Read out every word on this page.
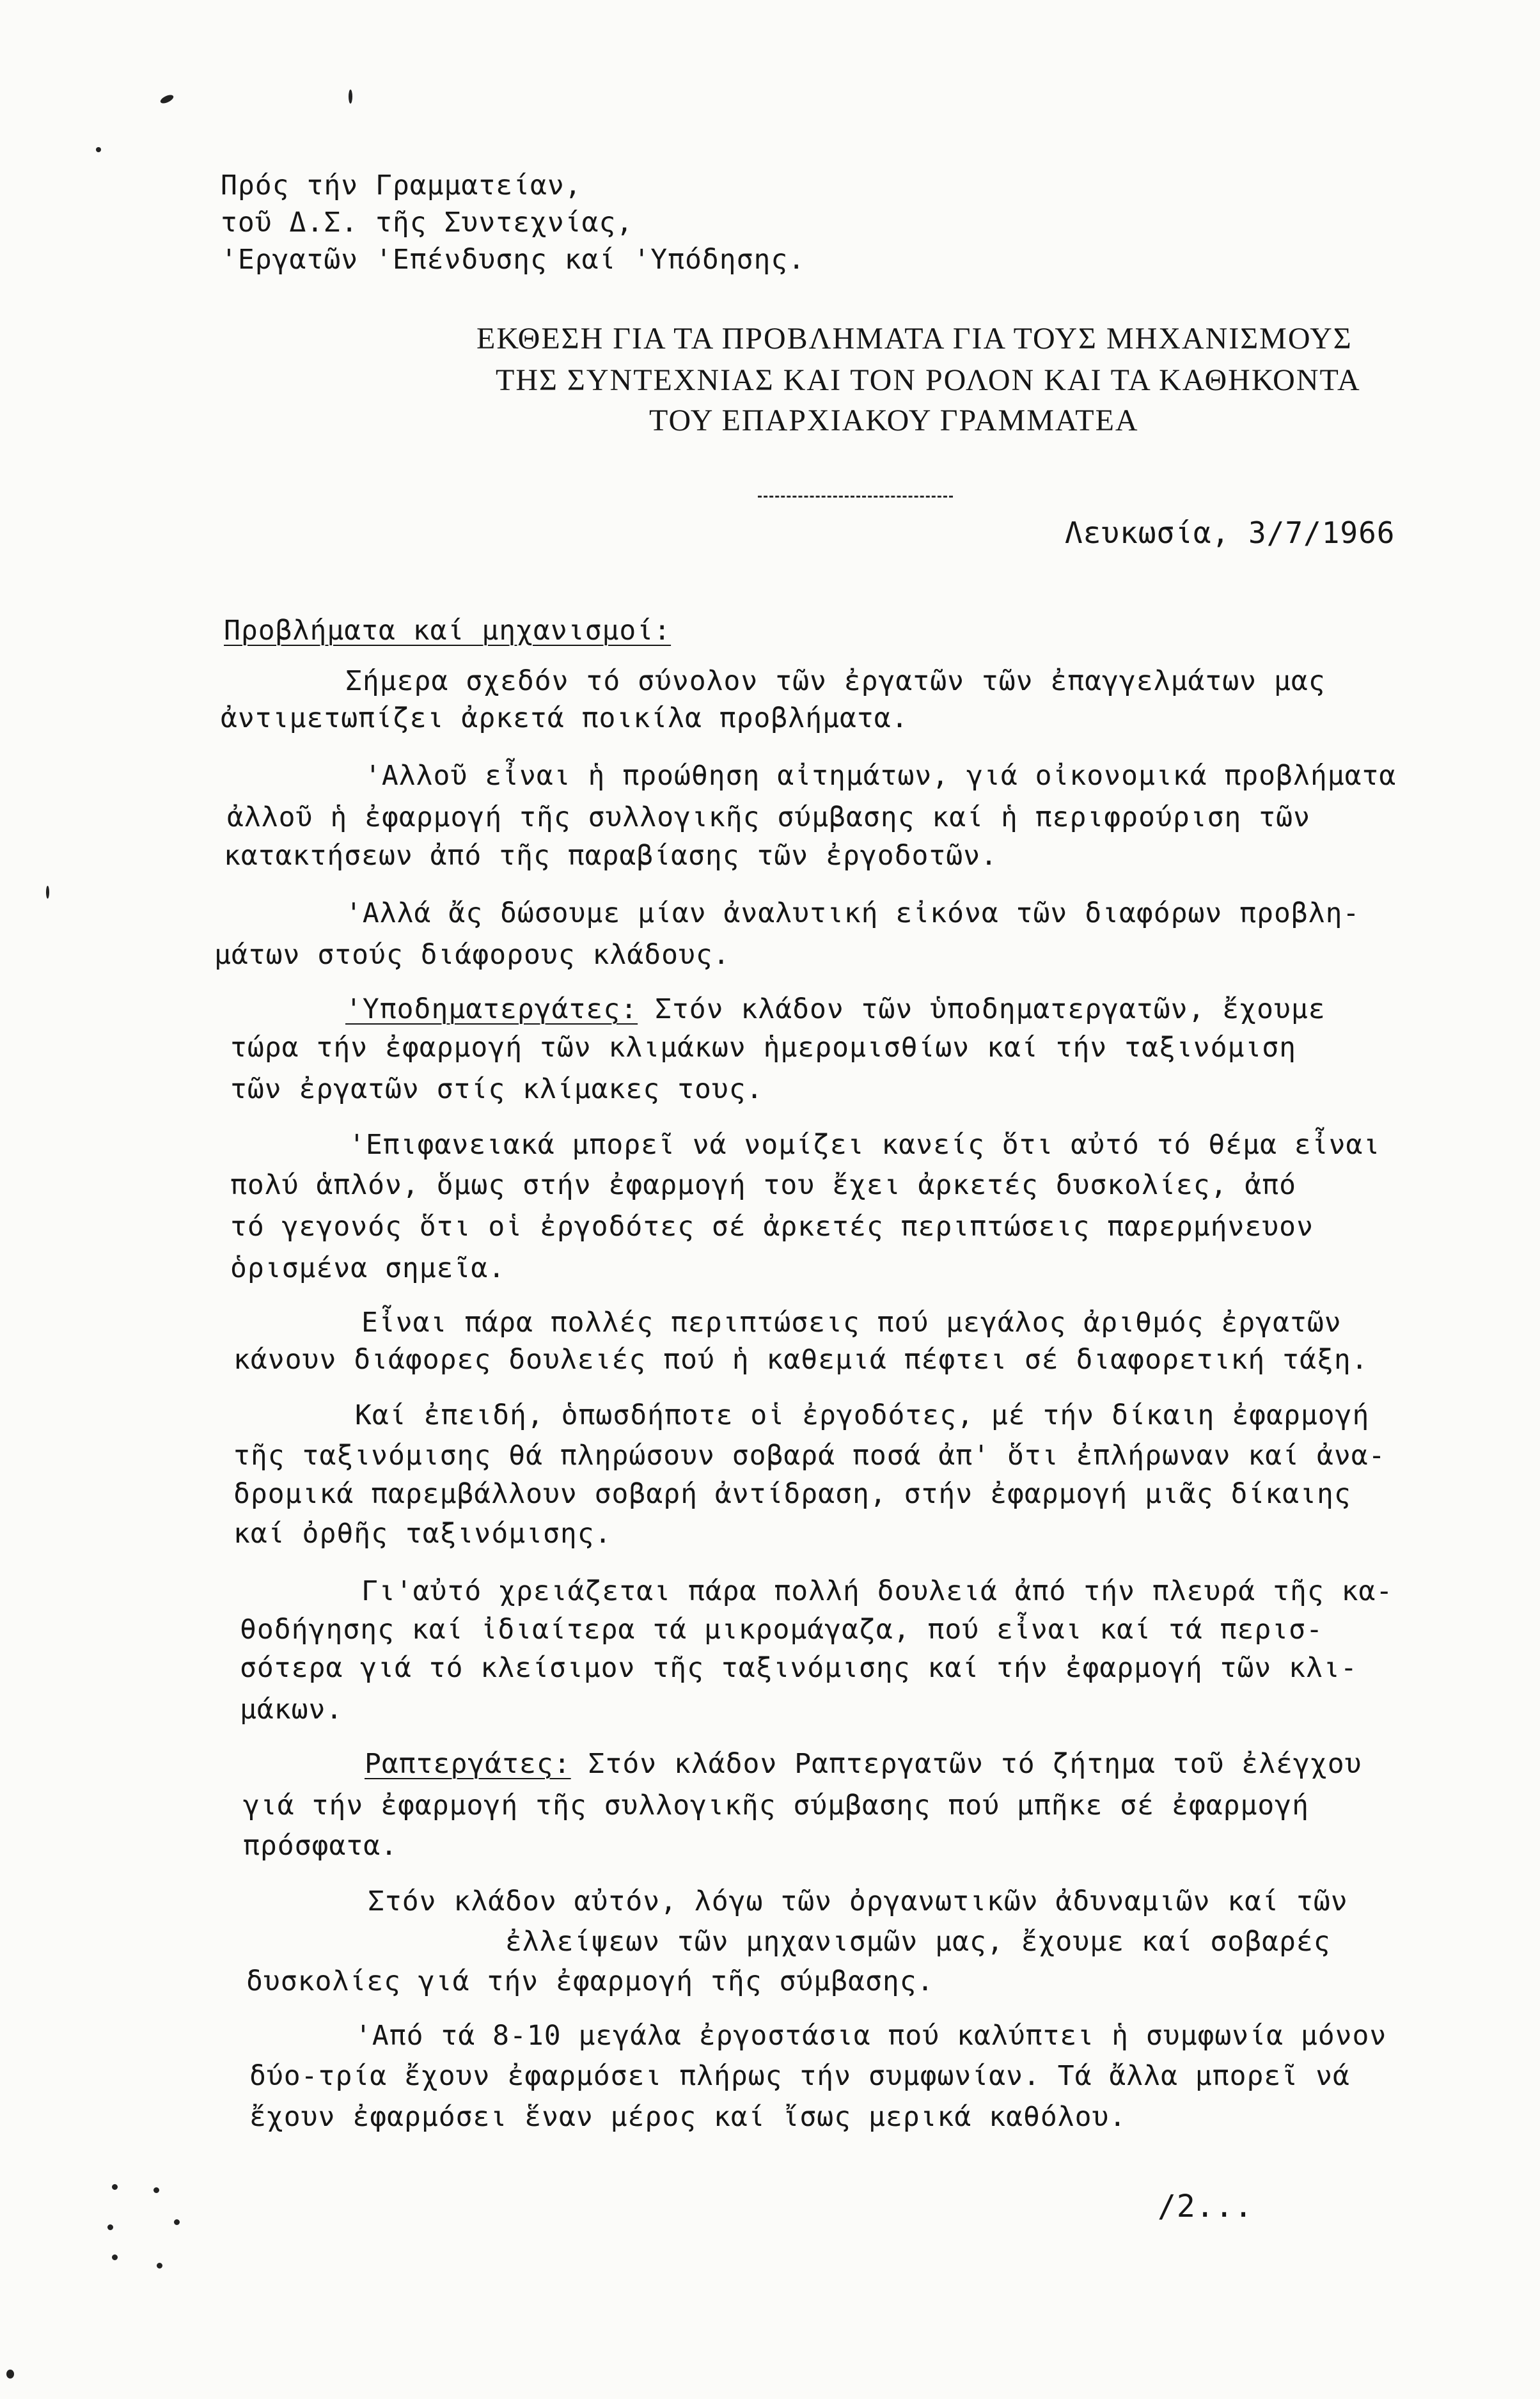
Πρός τήν Γραμματείαν,
τοῦ Δ.Σ. τῆς Συντεχνίας,
'Εργατῶν 'Επένδυσης καί 'Υπόδησης.
ΕΚΘΕΣΗ ΓΙΑ ΤΑ ΠΡΟΒΛΗΜΑΤΑ ΓΙΑ ΤΟΥΣ ΜΗΧΑΝΙΣΜΟΥΣ
ΤΗΣ ΣΥΝΤΕΧΝΙΑΣ ΚΑΙ ΤΟΝ ΡΟΛΟΝ ΚΑΙ ΤΑ ΚΑΘΗΚΟΝΤΑ
ΤΟΥ ΕΠΑΡΧΙΑΚΟΥ ΓΡΑΜΜΑΤΕΑ
Λευκωσία, 3/7/1966
Προβλήματα καί μηχανισμοί:
Σήμερα σχεδόν τό σύνολον τῶν ἐργατῶν τῶν ἐπαγγελμάτων μας
ἀντιμετωπίζει ἀρκετά ποικίλα προβλήματα.
'Αλλοῦ εἶναι ἡ προώθηση αἰτημάτων, γιά οἰκονομικά προβλήματα
ἀλλοῦ ἡ ἐφαρμογή τῆς συλλογικῆς σύμβασης καί ἡ περιφρούριση τῶν
κατακτήσεων ἀπό τῆς παραβίασης τῶν ἐργοδοτῶν.
'Αλλά ἄς δώσουμε μίαν ἀναλυτική εἰκόνα τῶν διαφόρων προβλη-
μάτων στούς διάφορους κλάδους.
'Υποδηματεργάτες: Στόν κλάδον τῶν ὑποδηματεργατῶν, ἔχουμε
τώρα τήν ἐφαρμογή τῶν κλιμάκων ἡμερομισθίων καί τήν ταξινόμιση
τῶν ἐργατῶν στίς κλίμακες τους.
'Επιφανειακά μπορεῖ νά νομίζει κανείς ὅτι αὐτό τό θέμα εἶναι
πολύ ἁπλόν, ὅμως στήν ἐφαρμογή του ἔχει ἀρκετές δυσκολίες, ἀπό
τό γεγονός ὅτι οἱ ἐργοδότες σέ ἀρκετές περιπτώσεις παρερμήνευον
ὁρισμένα σημεῖα.
Εἶναι πάρα πολλές περιπτώσεις πού μεγάλος ἀριθμός ἐργατῶν
κάνουν διάφορες δουλειές πού ἡ καθεμιά πέφτει σέ διαφορετική τάξη.
Καί ἐπειδή, ὁπωσδήποτε οἱ ἐργοδότες, μέ τήν δίκαιη ἐφαρμογή
τῆς ταξινόμισης θά πληρώσουν σοβαρά ποσά ἀπ' ὅτι ἐπλήρωναν καί ἀνα-
δρομικά παρεμβάλλουν σοβαρή ἀντίδραση, στήν ἐφαρμογή μιᾶς δίκαιης
καί ὀρθῆς ταξινόμισης.
Γι'αὐτό χρειάζεται πάρα πολλή δουλειά ἀπό τήν πλευρά τῆς κα-
θοδήγησης καί ἰδιαίτερα τά μικρομάγαζα, πού εἶναι καί τά περισ-
σότερα γιά τό κλείσιμον τῆς ταξινόμισης καί τήν ἐφαρμογή τῶν κλι-
μάκων.
Ραπτεργάτες: Στόν κλάδον Ραπτεργατῶν τό ζήτημα τοῦ ἐλέγχου
γιά τήν ἐφαρμογή τῆς συλλογικῆς σύμβασης πού μπῆκε σέ ἐφαρμογή
πρόσφατα.
Στόν κλάδον αὐτόν, λόγω τῶν ὀργανωτικῶν ἀδυναμιῶν καί τῶν
ἐλλείψεων τῶν μηχανισμῶν μας, ἔχουμε καί σοβαρές
δυσκολίες γιά τήν ἐφαρμογή τῆς σύμβασης.
'Από τά 8-10 μεγάλα ἐργοστάσια πού καλύπτει ἡ συμφωνία μόνον
δύο-τρία ἔχουν ἐφαρμόσει πλήρως τήν συμφωνίαν. Τά ἄλλα μπορεῖ νά
ἔχουν ἐφαρμόσει ἕναν μέρος καί ἴσως μερικά καθόλου.
/2...
